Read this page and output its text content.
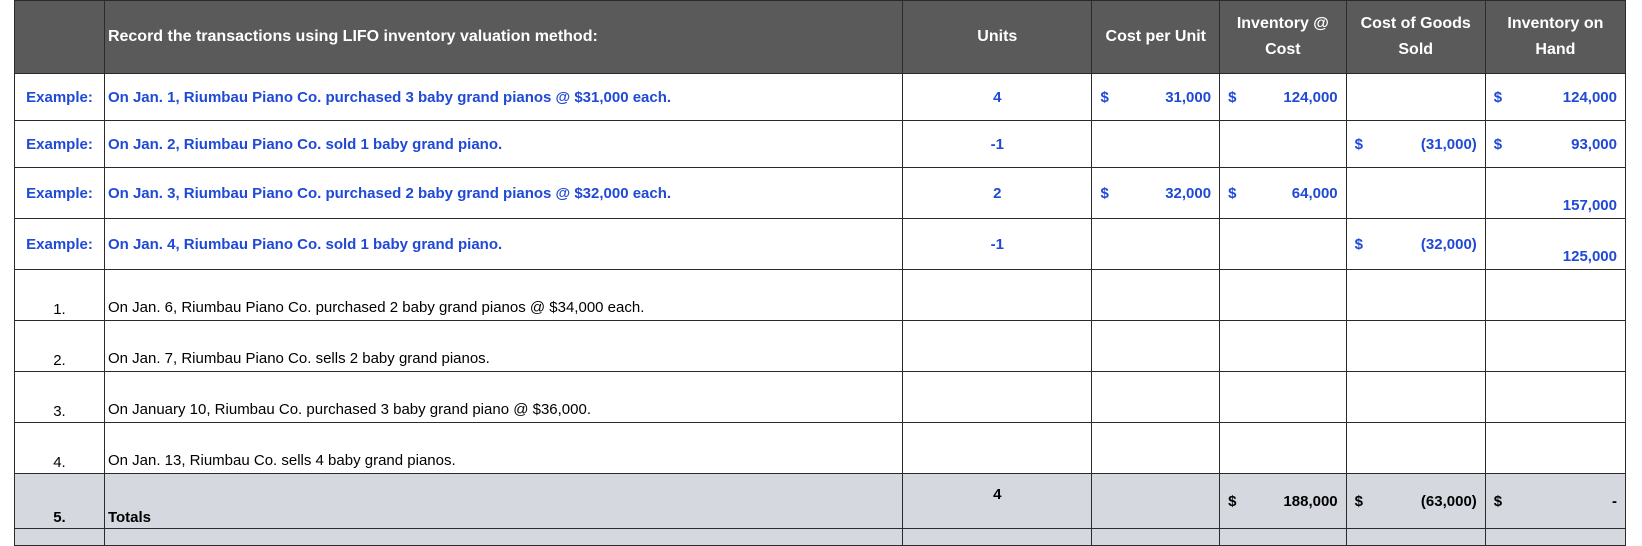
	Record the transactions using LIFO inventory valuation method:	Units	Cost per Unit	Inventory @ Cost	Cost of Goods Sold	Inventory on Hand
Example:	On Jan. 1, Riumbau Piano Co. purchased 3 baby grand pianos @ $31,000 each.	4	$ 31,000	$ 124,000		$ 124,000

Example:	On Jan. 2, Riumbau Piano Co. sold 1 baby grand piano.	-1			$ (31,000)	$ 93,000

Example:	On Jan. 3, Riumbau Piano Co. purchased 2 baby grand pianos @ $32,000 each.	2	$ 32,000	$ 64,000		157,000

Example:	On Jan. 4, Riumbau Piano Co. sold 1 baby grand piano.	-1			$ (32,000)	125,000

1.	On Jan. 6, Riumbau Piano Co. purchased 2 baby grand pianos @ $34,000 each.					
2.	On Jan. 7, Riumbau Piano Co. sells 2 baby grand pianos.					
3.	On January 10, Riumbau Co. purchased 3 baby grand piano @ $36,000.					
4.	On Jan. 13, Riumbau Co. sells 4 baby grand pianos.					
5.	Totals	4		$ 188,000	$ (63,000)	$ -
